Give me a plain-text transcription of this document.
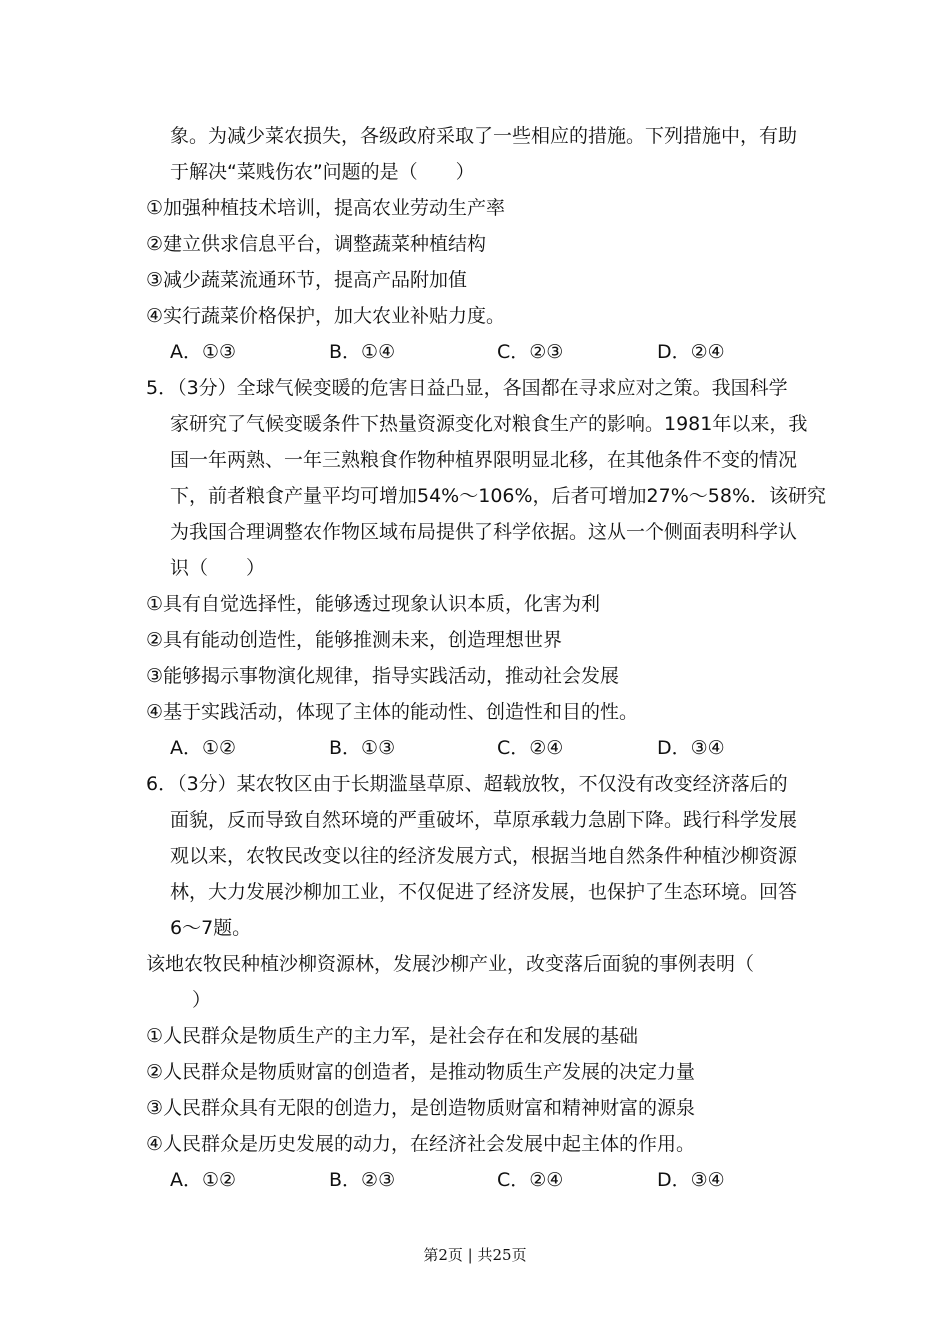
象。为减少菜农损失，各级政府采取了一些相应的措施。下列措施中，有助
于解决“菜贱伤农”问题的是（　　）
①加强种植技术培训，提高农业劳动生产率
②建立供求信息平台，调整蔬菜种植结构
③减少蔬菜流通环节，提高产品附加值
④实行蔬菜价格保护，加大农业补贴力度。
A．①③	B．①④	C．②③	D．②④
5．（3分）全球气候变暖的危害日益凸显，各国都在寻求应对之策。我国科学
家研究了气候变暖条件下热量资源变化对粮食生产的影响。1981年以来，我
国一年两熟、一年三熟粮食作物种植界限明显北移，在其他条件不变的情况
下，前者粮食产量平均可增加54%～106%，后者可增加27%～58%．该研究
为我国合理调整农作物区域布局提供了科学依据。这从一个侧面表明科学认
识（　　）
①具有自觉选择性，能够透过现象认识本质，化害为利
②具有能动创造性，能够推测未来，创造理想世界
③能够揭示事物演化规律，指导实践活动，推动社会发展
④基于实践活动，体现了主体的能动性、创造性和目的性。
A．①②	B．①③	C．②④	D．③④
6．（3分）某农牧区由于长期滥垦草原、超载放牧，不仅没有改变经济落后的
面貌，反而导致自然环境的严重破坏，草原承载力急剧下降。践行科学发展
观以来，农牧民改变以往的经济发展方式，根据当地自然条件种植沙柳资源
林，大力发展沙柳加工业，不仅促进了经济发展，也保护了生态环境。回答
6～7题。
该地农牧民种植沙柳资源林，发展沙柳产业，改变落后面貌的事例表明（
）
①人民群众是物质生产的主力军，是社会存在和发展的基础
②人民群众是物质财富的创造者，是推动物质生产发展的决定力量
③人民群众具有无限的创造力，是创造物质财富和精神财富的源泉
④人民群众是历史发展的动力，在经济社会发展中起主体的作用。
A．①②	B．②③	C．②④	D．③④
第2页 | 共25页
